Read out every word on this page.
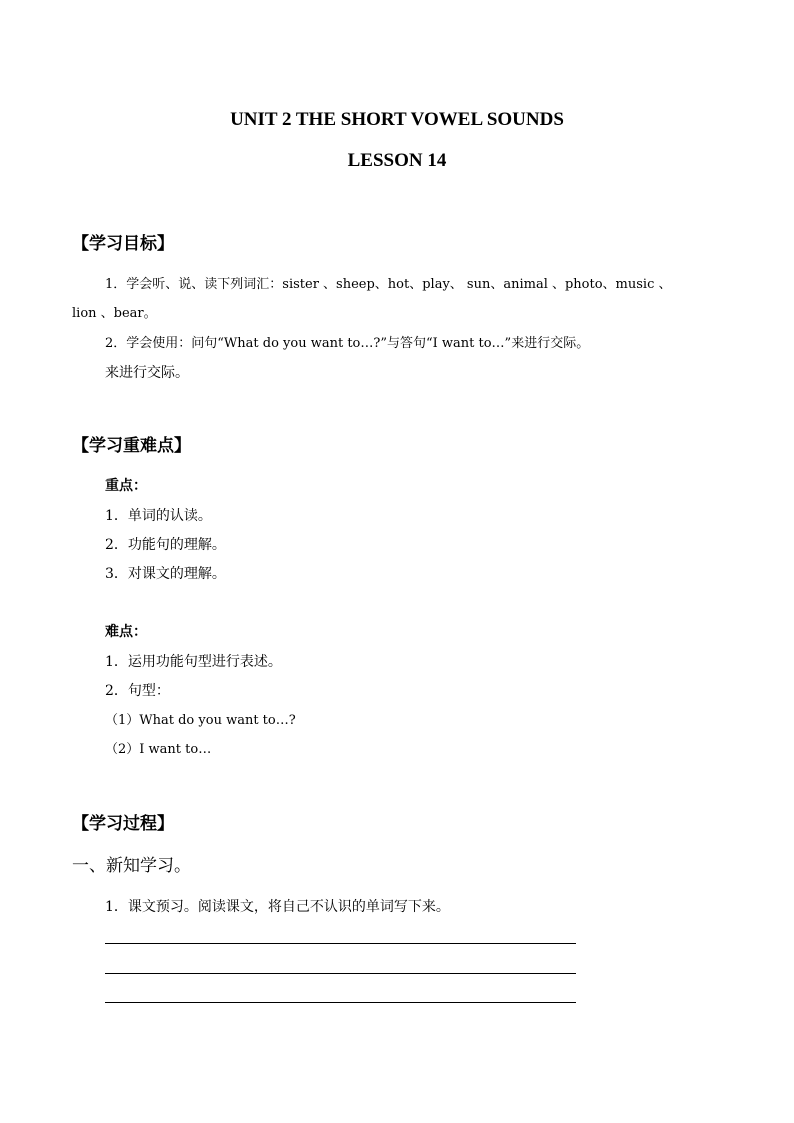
UNIT 2 THE SHORT VOWEL SOUNDS
LESSON 14
【学习目标】
1．学会听、说、读下列词汇：sister 、sheep、hot、play、 sun、animal 、photo、music 、
lion 、bear。
2．学会使用：问句“What do you want to…?”与答句“I want to…”来进行交际。
来进行交际。
【学习重难点】
重点：
1．单词的认读。
2．功能句的理解。
3．对课文的理解。
难点：
1．运用功能句型进行表述。
2．句型：
（1）What do you want to…?
（2）I want to…
【学习过程】
一、新知学习。
1．课文预习。阅读课文，将自己不认识的单词写下来。
